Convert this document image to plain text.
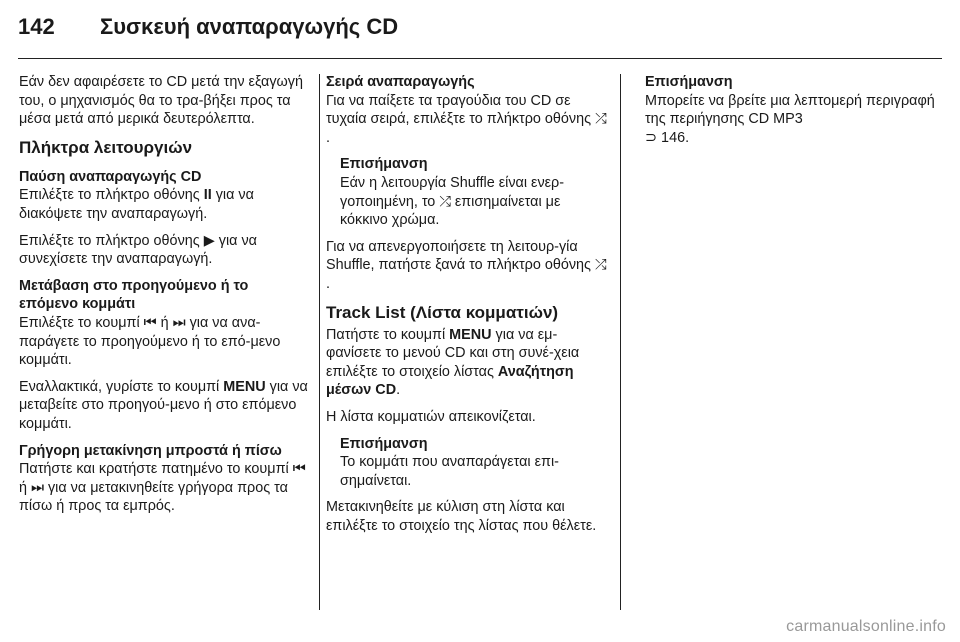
142	Συσκευή αναπαραγωγής CD

Εάν δεν αφαιρέσετε το CD μετά την εξαγωγή του, ο μηχανισμός θα το τρα-βήξει προς τα μέσα μετά από μερικά δευτερόλεπτα.

Πλήκτρα λειτουργιών
Παύση αναπαραγωγής CD

Επιλέξτε το πλήκτρο οθόνης II για να διακόψετε την αναπαραγωγή.

Επιλέξτε το πλήκτρο οθόνης ▶ για να συνεχίσετε την αναπαραγωγή.

Μετάβαση στο προηγούμενο ή το επόμενο κομμάτι

Επιλέξτε το κουμπί ⏮ ή ⏭ για να ανα-παράγετε το προηγούμενο ή το επό-μενο κομμάτι.

Εναλλακτικά, γυρίστε το κουμπί MENU για να μεταβείτε στο προηγού-μενο ή στο επόμενο κομμάτι.

Γρήγορη μετακίνηση μπροστά ή πίσω

Πατήστε και κρατήστε πατημένο το κουμπί ⏮ ή ⏭ για να μετακινηθείτε γρήγορα προς τα πίσω ή προς τα εμπρός.

Σειρά αναπαραγωγής

Για να παίξετε τα τραγούδια του CD σε τυχαία σειρά, επιλέξτε το πλήκτρο οθόνης ⤮.

Επισήμανση
Εάν η λειτουργία Shuffle είναι ενερ-γοποιημένη, το ⤮ επισημαίνεται με κόκκινο χρώμα.

Για να απενεργοποιήσετε τη λειτουρ-γία Shuffle, πατήστε ξανά το πλήκτρο οθόνης ⤮.

Track List (Λίστα κομματιών)

Πατήστε το κουμπί MENU για να εμ-φανίσετε το μενού CD και στη συνέ-χεια επιλέξτε το στοιχείο λίστας Αναζήτηση μέσων CD.

Η λίστα κομματιών απεικονίζεται.

Επισήμανση
Το κομμάτι που αναπαράγεται επι-σημαίνεται.

Μετακινηθείτε με κύλιση στη λίστα και επιλέξτε το στοιχείο της λίστας που θέλετε.

Επισήμανση
Μπορείτε να βρείτε μια λεπτομερή περιγραφή της περιήγησης CD MP3
⊃ 146.
carmanualsonline.info
